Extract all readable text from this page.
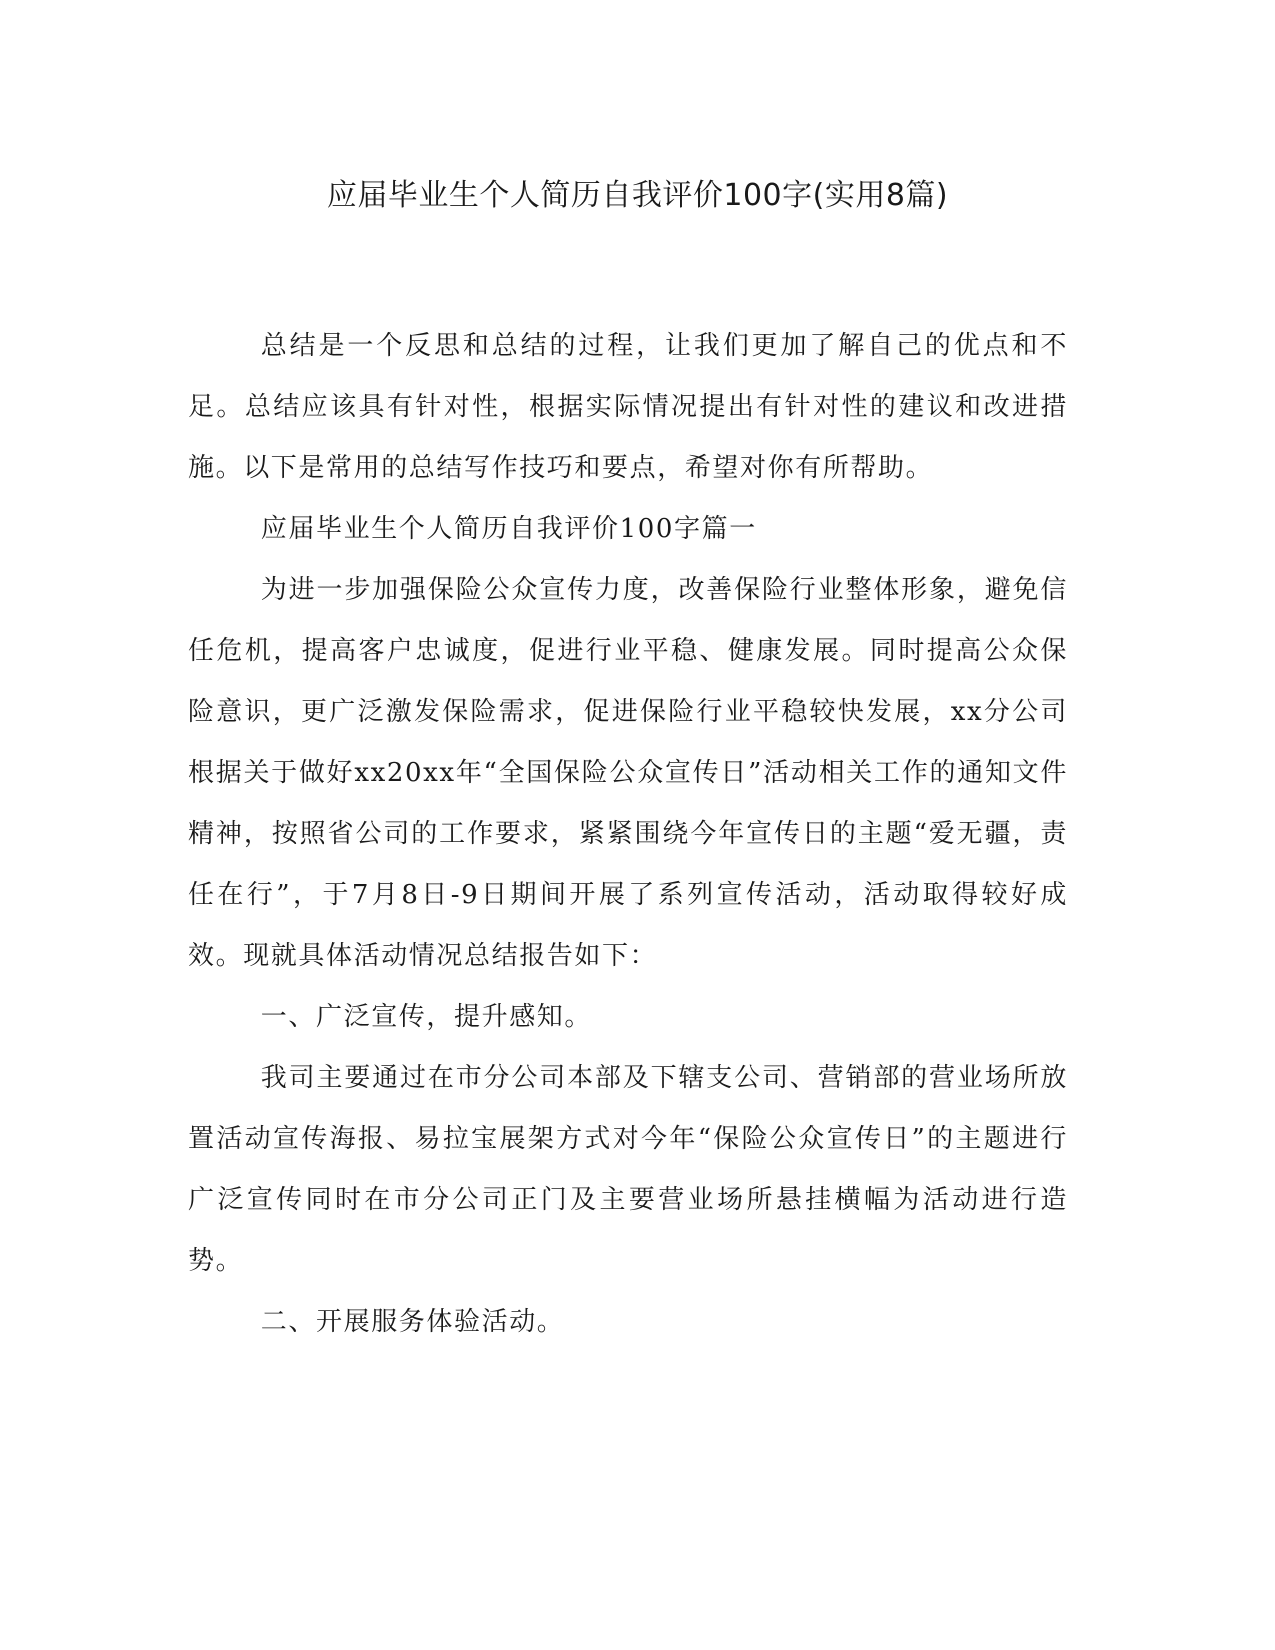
应届毕业生个人简历自我评价100字(实用8篇)

总结是一个反思和总结的过程，让我们更加了解自己的优点和不足。总结应该具有针对性，根据实际情况提出有针对性的建议和改进措施。以下是常用的总结写作技巧和要点，希望对你有所帮助。

应届毕业生个人简历自我评价100字篇一

为进一步加强保险公众宣传力度，改善保险行业整体形象，避免信任危机，提高客户忠诚度，促进行业平稳、健康发展。同时提高公众保险意识，更广泛激发保险需求，促进保险行业平稳较快发展，xx分公司根据关于做好xx20xx年“全国保险公众宣传日”活动相关工作的通知文件精神，按照省公司的工作要求，紧紧围绕今年宣传日的主题“爱无疆，责任在行”，于7月8日-9日期间开展了系列宣传活动，活动取得较好成效。现就具体活动情况总结报告如下：

一、广泛宣传，提升感知。

我司主要通过在市分公司本部及下辖支公司、营销部的营业场所放置活动宣传海报、易拉宝展架方式对今年“保险公众宣传日”的主题进行广泛宣传同时在市分公司正门及主要营业场所悬挂横幅为活动进行造势。

二、开展服务体验活动。
